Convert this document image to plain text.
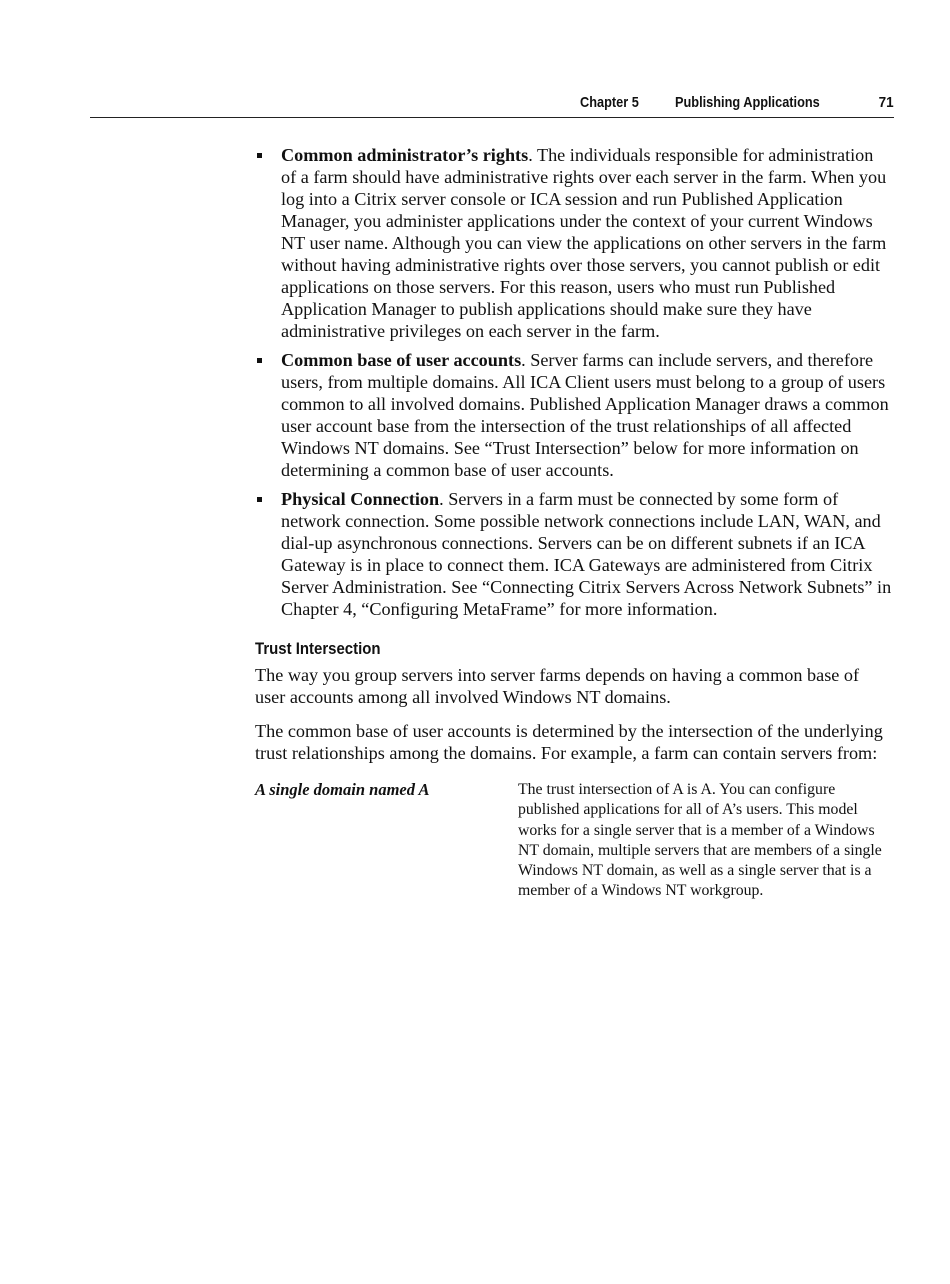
Chapter 5 Publishing Applications	71
Common administrator’s rights. The individuals responsible for administration of a farm should have administrative rights over each server in the farm. When you log into a Citrix server console or ICA session and run Published Application Manager, you administer applications under the context of your current Windows NT user name. Although you can view the applications on other servers in the farm without having administrative rights over those servers, you cannot publish or edit applications on those servers. For this reason, users who must run Published Application Manager to publish applications should make sure they have administrative privileges on each server in the farm.
Common base of user accounts. Server farms can include servers, and therefore users, from multiple domains. All ICA Client users must belong to a group of users common to all involved domains. Published Application Manager draws a common user account base from the intersection of the trust relationships of all affected Windows NT domains. See “Trust Intersection” below for more information on determining a common base of user accounts.
Physical Connection. Servers in a farm must be connected by some form of network connection. Some possible network connections include LAN, WAN, and dial-up asynchronous connections. Servers can be on different subnets if an ICA Gateway is in place to connect them. ICA Gateways are administered from Citrix Server Administration. See “Connecting Citrix Servers Across Network Subnets” in Chapter 4, “Configuring MetaFrame” for more information.
Trust Intersection

The way you group servers into server farms depends on having a common base of user accounts among all involved Windows NT domains.

The common base of user accounts is determined by the intersection of the underlying trust relationships among the domains. For example, a farm can contain servers from:

A single domain named A	The trust intersection of A is A. You can configure published applications for all of A’s users. This model works for a single server that is a member of a Windows NT domain, multiple servers that are members of a single Windows NT domain, as well as a single server that is a member of a Windows NT workgroup.
